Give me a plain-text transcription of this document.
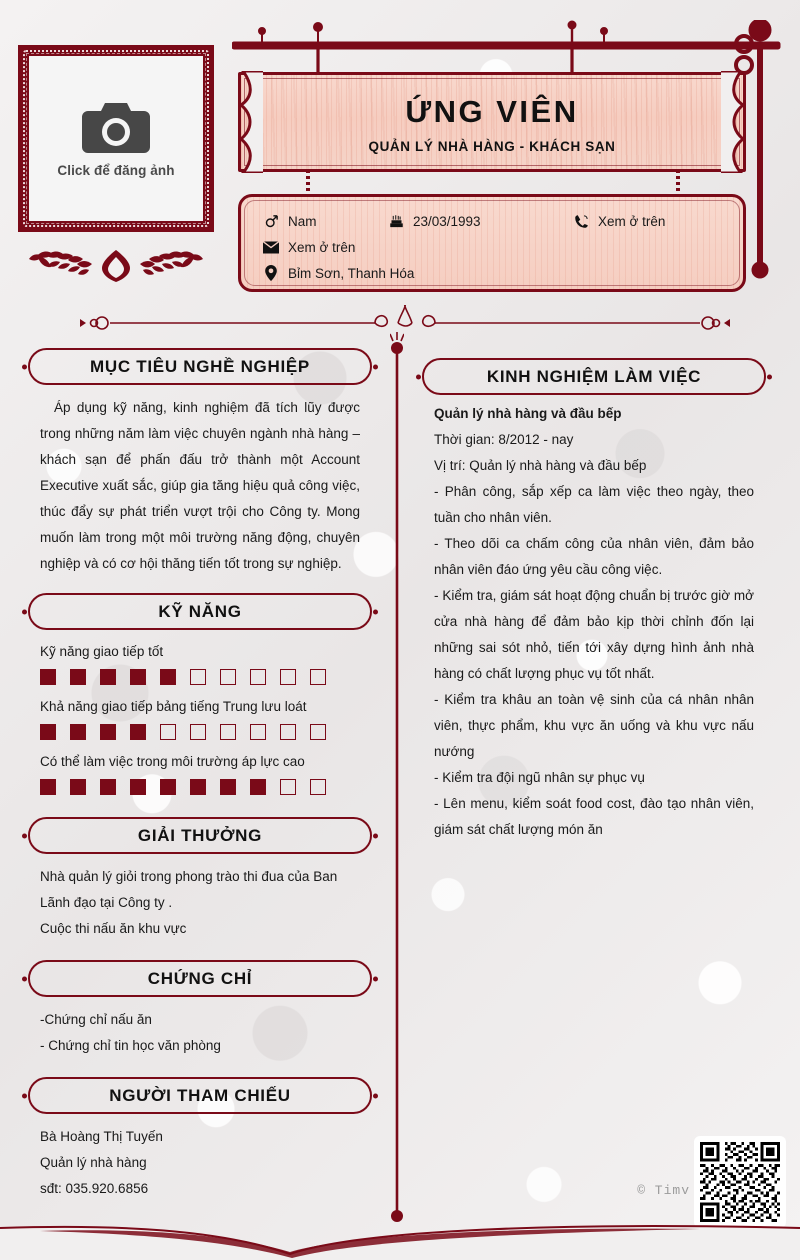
Click để đăng ảnh
ỨNG VIÊN
QUẢN LÝ NHÀ HÀNG - KHÁCH SẠN
Nam	23/03/1993	Xem ở trên
Xem ở trên
Bỉm Sơn, Thanh Hóa
MỤC TIÊU NGHỀ NGHIỆP

Áp dụng kỹ năng, kinh nghiệm đã tích lũy được trong những năm làm việc chuyên ngành nhà hàng – khách sạn để phấn đấu trở thành một Account Executive xuất sắc, giúp gia tăng hiệu quả công việc, thúc đẩy sự phát triển vượt trội cho Công ty. Mong muốn làm trong một môi trường năng động, chuyên nghiệp và có cơ hội thăng tiến tốt trong sự nghiệp.

KỸ NĂNG
Kỹ năng giao tiếp tốt
Khả năng giao tiếp bảng tiếng Trung lưu loát
Có thể làm việc trong môi trường áp lực cao
GIẢI THƯỞNG
Nhà quản lý giỏi trong phong trào thi đua của Ban Lãnh đạo tại Công ty .
Cuộc thi nấu ăn khu vực
CHỨNG CHỈ
-Chứng chỉ nấu ăn
- Chứng chỉ tin học văn phòng
NGƯỜI THAM CHIẾU
Bà Hoàng Thị Tuyến
Quản lý nhà hàng
sđt: 035.920.6856
KINH NGHIỆM LÀM VIỆC
Quản lý nhà hàng và đầu bếp
Thời gian: 8/2012 - nay
Vị trí: Quản lý nhà hàng và đầu bếp
- Phân công, sắp xếp ca làm việc theo ngày, theo tuần cho nhân viên.
- Theo dõi ca chấm công của nhân viên, đảm bảo nhân viên đáo ứng yêu cầu công việc.
- Kiểm tra, giám sát hoạt động chuẩn bị trước giờ mở cửa nhà hàng để đảm bảo kịp thời chỉnh đốn lại những sai sót nhỏ, tiến tới xây dựng hình ảnh nhà hàng có chất lượng phục vụ tốt nhất.
- Kiểm tra khâu an toàn vệ sinh của cá nhân nhân viên, thực phẩm, khu vực ăn uống và khu vực nấu nướng
- Kiểm tra đội ngũ nhân sự phục vụ
- Lên menu, kiểm soát food cost, đào tạo nhân viên, giám sát chất lượng món ăn
© Timv
